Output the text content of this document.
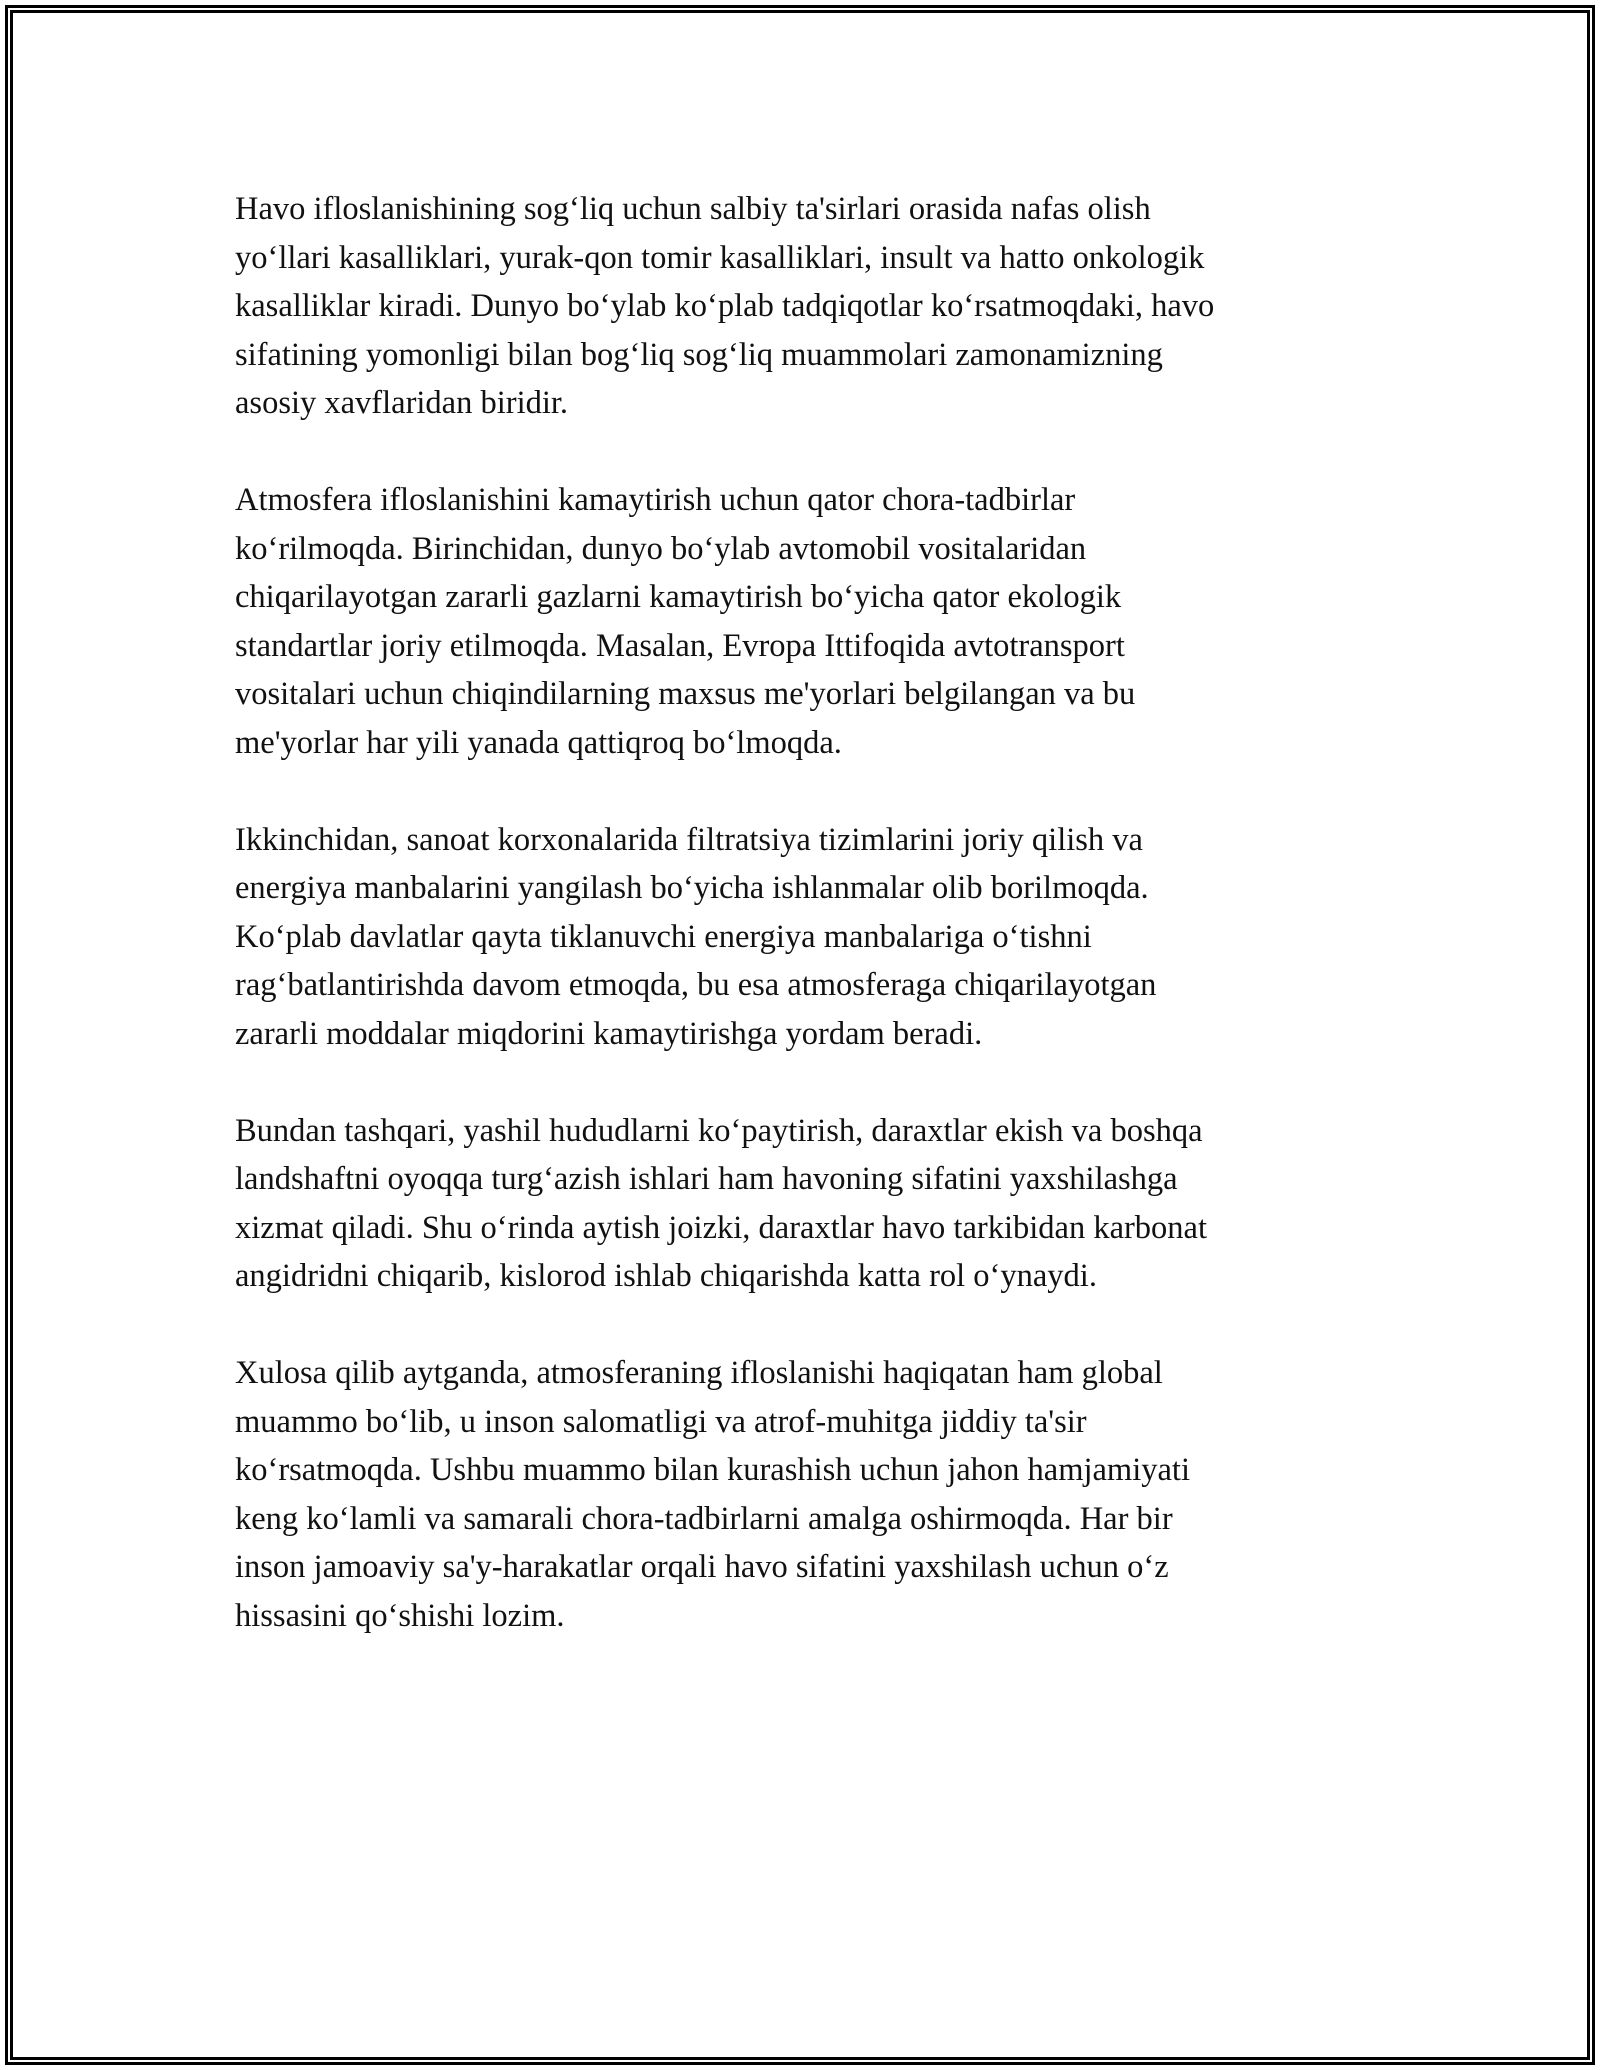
Havo ifloslanishining sog‘liq uchun salbiy ta'sirlari orasida nafas olish
yo‘llari kasalliklari, yurak-qon tomir kasalliklari, insult va hatto onkologik
kasalliklar kiradi. Dunyo bo‘ylab ko‘plab tadqiqotlar ko‘rsatmoqdaki, havo
sifatining yomonligi bilan bog‘liq sog‘liq muammolari zamonamizning
asosiy xavflaridan biridir.

Atmosfera ifloslanishini kamaytirish uchun qator chora-tadbirlar
ko‘rilmoqda. Birinchidan, dunyo bo‘ylab avtomobil vositalaridan
chiqarilayotgan zararli gazlarni kamaytirish bo‘yicha qator ekologik
standartlar joriy etilmoqda. Masalan, Evropa Ittifoqida avtotransport
vositalari uchun chiqindilarning maxsus me'yorlari belgilangan va bu
me'yorlar har yili yanada qattiqroq bo‘lmoqda.

Ikkinchidan, sanoat korxonalarida filtratsiya tizimlarini joriy qilish va
energiya manbalarini yangilash bo‘yicha ishlanmalar olib borilmoqda.
Ko‘plab davlatlar qayta tiklanuvchi energiya manbalariga o‘tishni
rag‘batlantirishda davom etmoqda, bu esa atmosferaga chiqarilayotgan
zararli moddalar miqdorini kamaytirishga yordam beradi.

Bundan tashqari, yashil hududlarni ko‘paytirish, daraxtlar ekish va boshqa
landshaftni oyoqqa turg‘azish ishlari ham havoning sifatini yaxshilashga
xizmat qiladi. Shu o‘rinda aytish joizki, daraxtlar havo tarkibidan karbonat
angidridni chiqarib, kislorod ishlab chiqarishda katta rol o‘ynaydi.

Xulosa qilib aytganda, atmosferaning ifloslanishi haqiqatan ham global
muammo bo‘lib, u inson salomatligi va atrof-muhitga jiddiy ta'sir
ko‘rsatmoqda. Ushbu muammo bilan kurashish uchun jahon hamjamiyati
keng ko‘lamli va samarali chora-tadbirlarni amalga oshirmoqda. Har bir
inson jamoaviy sa'y-harakatlar orqali havo sifatini yaxshilash uchun o‘z
hissasini qo‘shishi lozim.
